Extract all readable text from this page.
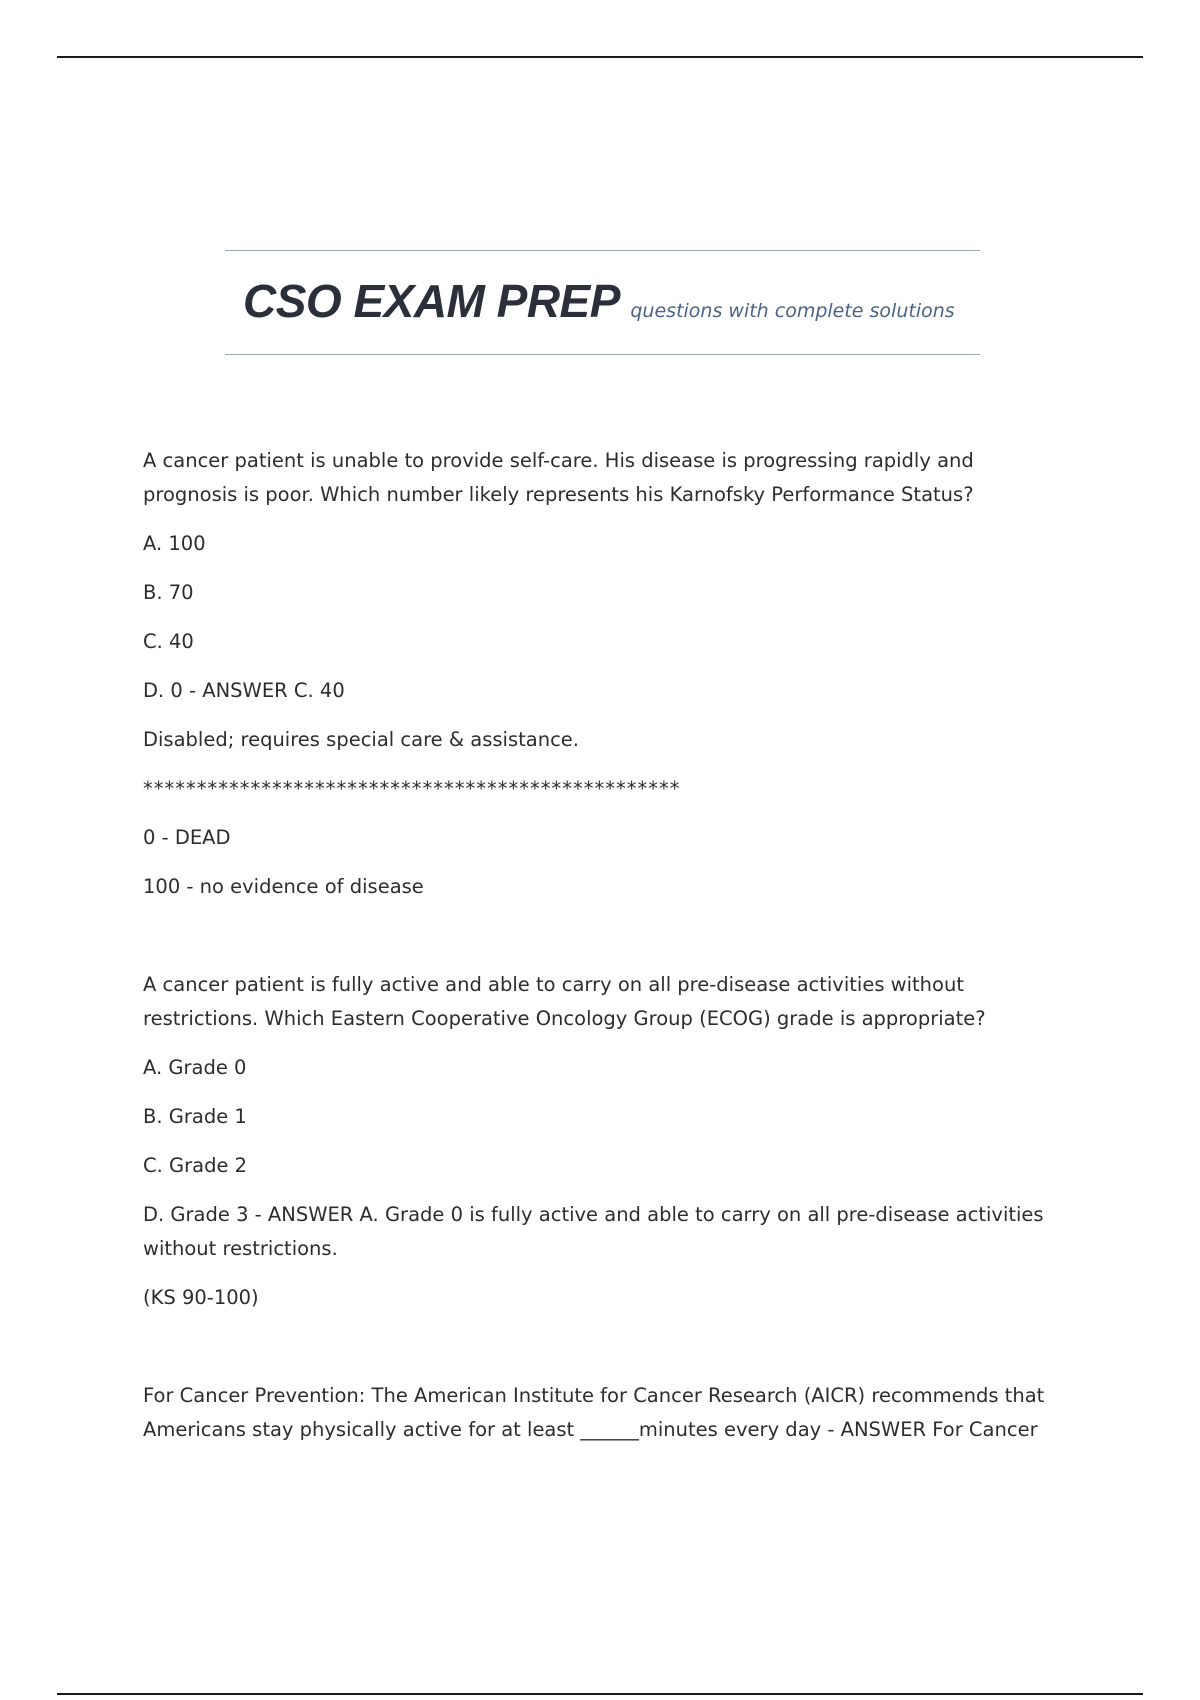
CSO EXAM PREP questions with complete solutions

A cancer patient is unable to provide self-care. His disease is progressing rapidly and prognosis is poor. Which number likely represents his Karnofsky Performance Status?

A. 100

B. 70

C. 40

D. 0 - ANSWER C. 40

Disabled; requires special care & assistance.

**************************************************

0 - DEAD

100 - no evidence of disease

A cancer patient is fully active and able to carry on all pre-disease activities without restrictions. Which Eastern Cooperative Oncology Group (ECOG) grade is appropriate?

A. Grade 0

B. Grade 1

C. Grade 2

D. Grade 3 - ANSWER A. Grade 0 is fully active and able to carry on all pre-disease activities without restrictions.

(KS 90-100)

For Cancer Prevention: The American Institute for Cancer Research (AICR) recommends that Americans stay physically active for at least ______minutes every day - ANSWER For Cancer
